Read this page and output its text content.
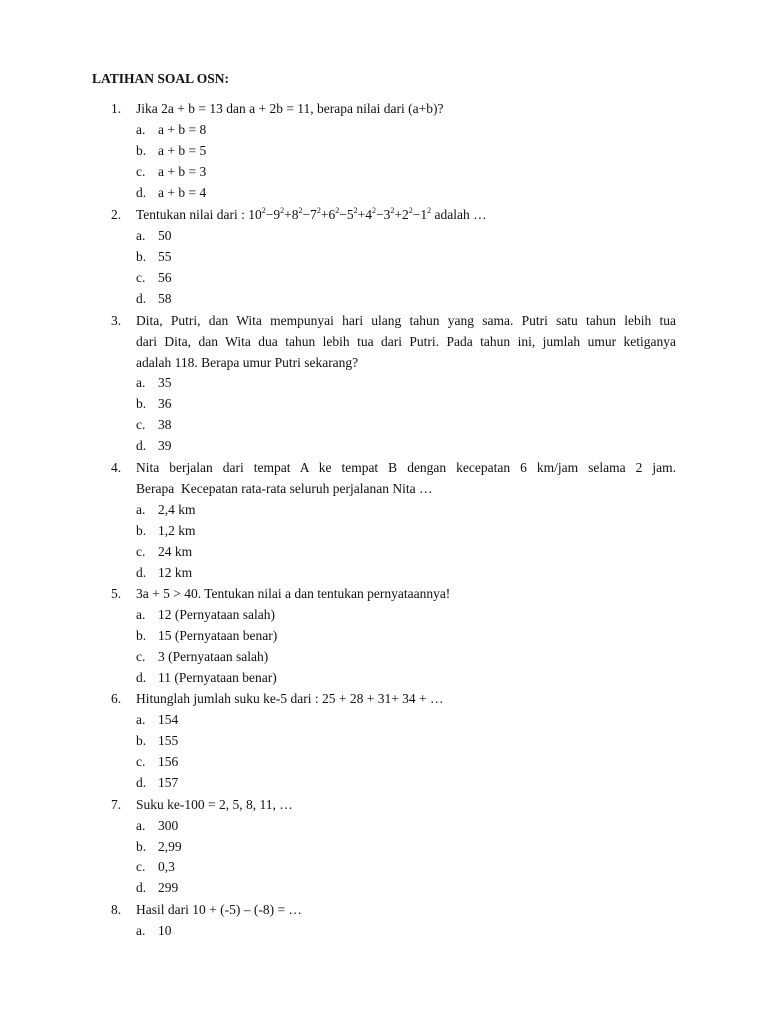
LATIHAN SOAL OSN:
1. Jika 2a + b = 13 dan a + 2b = 11, berapa nilai dari (a+b)?
a. a + b = 8
b. a + b = 5
c. a + b = 3
d. a + b = 4
2. Tentukan nilai dari : $10^2-9^2+8^2-7^2+6^2-5^2+4^2-3^2+2^2-1^2$ adalah …
a. 50
b. 55
c. 56
d. 58
3. Dita, Putri, dan Wita mempunyai hari ulang tahun yang sama. Putri satu tahun lebih tua
dari Dita, dan Wita dua tahun lebih tua dari Putri. Pada tahun ini, jumlah umur ketiganya
adalah 118. Berapa umur Putri sekarang?
a. 35
b. 36
c. 38
d. 39
4. Nita berjalan dari tempat A ke tempat B dengan kecepatan 6 km/jam selama 2 jam.
Berapa  Kecepatan rata-rata seluruh perjalanan Nita …
a. 2,4 km
b. 1,2 km
c. 24 km
d. 12 km
5. 3a + 5 > 40. Tentukan nilai a dan tentukan pernyataannya!
a. 12 (Pernyataan salah)
b. 15 (Pernyataan benar)
c. 3 (Pernyataan salah)
d. 11 (Pernyataan benar)
6. Hitunglah jumlah suku ke-5 dari : 25 + 28 + 31+ 34 + …
a. 154
b. 155
c. 156
d. 157
7. Suku ke-100 = 2, 5, 8, 11, …
a. 300
b. 2,99
c. 0,3
d. 299
8. Hasil dari 10 + (-5) – (-8) = …
a. 10
